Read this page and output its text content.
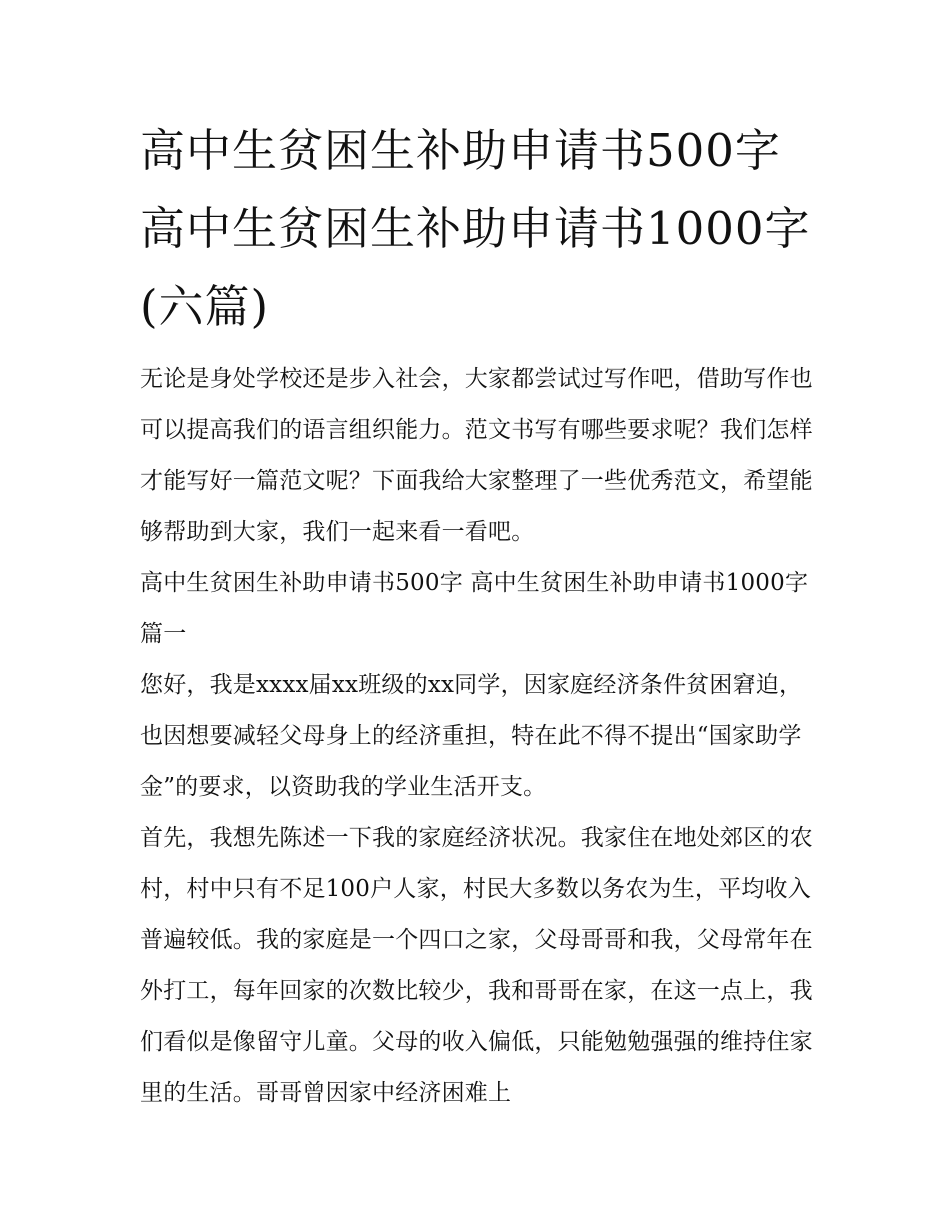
高中生贫困生补助申请书500字 高中生贫困生补助申请书1000字(六篇)

无论是身处学校还是步入社会，大家都尝试过写作吧，借助写作也可以提高我们的语言组织能力。范文书写有哪些要求呢？我们怎样才能写好一篇范文呢？下面我给大家整理了一些优秀范文，希望能够帮助到大家，我们一起来看一看吧。

高中生贫困生补助申请书500字 高中生贫困生补助申请书1000字篇一

您好，我是xxxx届xx班级的xx同学，因家庭经济条件贫困窘迫，也因想要减轻父母身上的经济重担，特在此不得不提出“国家助学金”的要求，以资助我的学业生活开支。

首先，我想先陈述一下我的家庭经济状况。我家住在地处郊区的农村，村中只有不足100户人家，村民大多数以务农为生，平均收入普遍较低。我的家庭是一个四口之家，父母哥哥和我，父母常年在外打工，每年回家的次数比较少，我和哥哥在家，在这一点上，我们看似是像留守儿童。父母的收入偏低，只能勉勉强强的维持住家里的生活。哥哥曾因家中经济困难上
